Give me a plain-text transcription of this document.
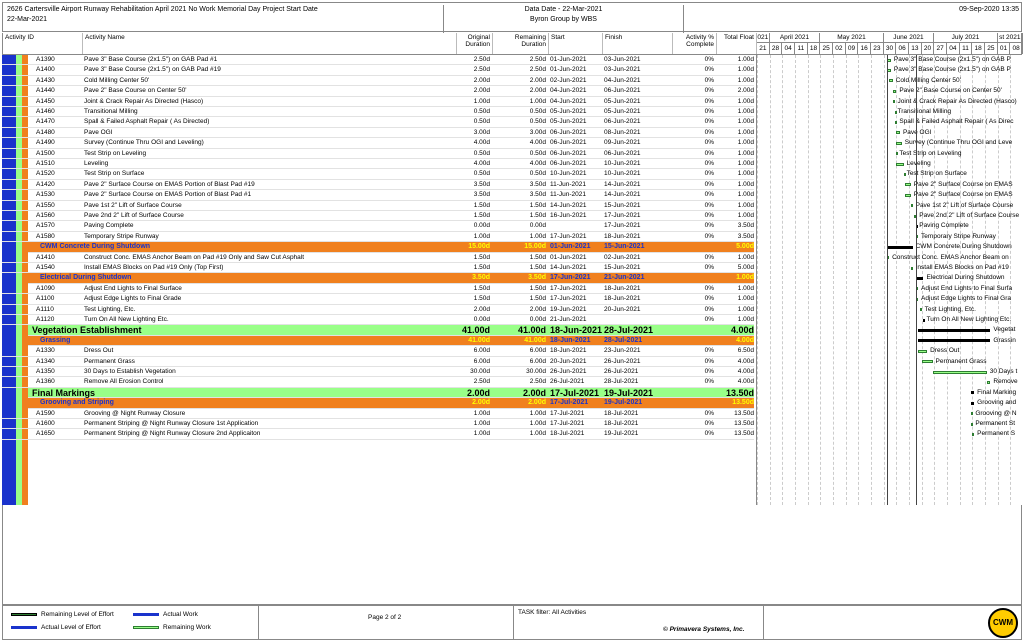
2626 Cartersville Airport Runway Rehabilitation April 2021 No Work Memorial Day Project Start Date
22-Mar-2021
Data Date - 22-Mar-2021
Byron Group by WBS
09-Sep-2020 13:35
Activity ID	Activity Name	Original Duration
Remaining Duration
Start	Finish	Activity % Complete
Total Float 021	April 2021	May 2021	June 2021	July 2021	st 2021
21 28 04 11 18 25 02 09 16 23 30 06 13 20 27 04 11 18 25 01 08
A1390	Pave 3" Base Course (2x1.5") on GAB Pad #1	2.50d	2.50d 01-Jun-2021	03-Jun-2021	0%	1.00d
A1400	Pave 3" Base Course (2x1.5") on GAB Pad #19	2.50d	2.50d 01-Jun-2021	03-Jun-2021	0%	1.00d
A1430	Cold Milling Center 50'	2.00d	2.00d 02-Jun-2021	04-Jun-2021	0%	1.00d
A1440	Pave 2" Base Course on Center 50'	2.00d	2.00d 04-Jun-2021	06-Jun-2021	0%	2.00d
A1450	Joint & Crack Repair As Directed (Hasco)	1.00d	1.00d 04-Jun-2021	05-Jun-2021	0%	1.00d
A1460	Transitional Milling	0.50d	0.50d 05-Jun-2021	05-Jun-2021	0%	1.00d
A1470	Spall & Failed Asphalt Repair ( As Directed)	0.50d	0.50d 05-Jun-2021	06-Jun-2021	0%	1.00d
A1480	Pave OGI	3.00d	3.00d 06-Jun-2021	08-Jun-2021	0%	1.00d
A1490	Survey (Continue Thru OGI and Leveling)	4.00d	4.00d 06-Jun-2021	09-Jun-2021	0%	1.00d
A1500	Test Strip on Leveling	0.50d	0.50d 06-Jun-2021	06-Jun-2021	0%	1.00d
A1510	Leveling	4.00d	4.00d 06-Jun-2021	10-Jun-2021	0%	1.00d
A1520	Test Strip on Surface	0.50d	0.50d 10-Jun-2021	10-Jun-2021	0%	1.00d
A1420	Pave 2" Surface Course on EMAS Portion of Blast Pad #19	3.50d	3.50d 11-Jun-2021	14-Jun-2021	0%	1.00d
A1530	Pave 2" Surface Course on EMAS Portion of Blast Pad #1	3.50d	3.50d 11-Jun-2021	14-Jun-2021	0%	1.00d
A1550	Pave 1st 2" Lift of Surface Course	1.50d	1.50d 14-Jun-2021	15-Jun-2021	0%	1.00d
A1560	Pave 2nd 2" Lift of Surface Course	1.50d	1.50d 16-Jun-2021	17-Jun-2021	0%	1.00d
A1570	Paving Complete	0.00d	0.00d	17-Jun-2021	0%	3.50d
A1580	Temporary Stripe Runway	1.00d	1.00d 17-Jun-2021	18-Jun-2021	0%	3.50d
CWM Concrete During Shutdown	15.00d	15.00d 01-Jun-2021	15-Jun-2021	5.00d
A1410	Construct Conc. EMAS Anchor Beam on Pad #19 Only and Saw Cut Asphalt	1.50d	1.50d 01-Jun-2021	02-Jun-2021	0%	1.00d
A1540	Install EMAS Blocks on Pad #19 Only (Top First)	1.50d	1.50d 14-Jun-2021	15-Jun-2021	0%	5.00d
Electrical During Shutdown	3.50d	3.50d 17-Jun-2021	21-Jun-2021	1.00d
A1090	Adjust End Lights to Final Surface	1.50d	1.50d 17-Jun-2021	18-Jun-2021	0%	1.00d
A1100	Adjust Edge Lights to Final Grade	1.50d	1.50d 17-Jun-2021	18-Jun-2021	0%	1.00d
A1110	Test Lighting, Etc.	2.00d	2.00d 19-Jun-2021	20-Jun-2021	0%	1.00d
A1120	Turn On All New Lighting Etc.	0.00d	0.00d 21-Jun-2021	0%	1.00d
Vegetation Establishment	41.00d	41.00d 18-Jun-2021 28-Jul-2021	4.00d
Grassing	41.00d	41.00d 18-Jun-2021	28-Jul-2021	4.00d
A1330	Dress Out	6.00d	6.00d 18-Jun-2021	23-Jun-2021	0%	6.50d
A1340	Permanent Grass	6.00d	6.00d 20-Jun-2021	26-Jun-2021	0%	4.00d
A1350	30 Days to Establish Vegetation	30.00d	30.00d 26-Jun-2021	26-Jul-2021	0%	4.00d
A1360	Remove All Erosion Control	2.50d	2.50d 26-Jul-2021	28-Jul-2021	0%	4.00d
Final Markings	2.00d	2.00d 17-Jul-2021 19-Jul-2021	13.50d
Grooving and Striping	2.00d	2.00d 17-Jul-2021	19-Jul-2021	13.50d
A1590	Grooving @ Night Runway Closure	1.00d	1.00d 17-Jul-2021	18-Jul-2021	0%	13.50d
A1600	Permanent Striping @ Night Runway Closure 1st Application	1.00d	1.00d 17-Jul-2021	18-Jul-2021	0%	13.50d
A1650	Permanent Striping @ Night Runway Closure 2nd Applicaiton	1.00d	1.00d 18-Jul-2021	19-Jul-2021	0%	13.50d
Pave 3" Base Course (2x1.5") on GAB P
Pave 3" Base Course (2x1.5") on GAB P
Cold Milling Center 50'
Pave 2" Base Course on Center 50'
Joint & Crack Repair As Directed (Hasco)
Transitional Milling
Spall & Failed Asphalt Repair ( As Direc
Pave OGI
Survey (Continue Thru OGI and Leve
Test Strip on Leveling
Leveling
Test Strip on Surface
Pave 2" Surface Course on EMAS
Pave 2" Surface Course on EMAS
Pave 1st 2" Lift of Surface Course
Pave 2nd 2" Lift of Surface Course
Paving Complete
Temporary Stripe Runway
CWM Concrete During Shutdown
Construct Conc. EMAS Anchor Beam on
Install EMAS Blocks on Pad #19
Electrical During Shutdown
Adjust End Lights to Final Surfa
Adjust Edge Lights to Final Gra
Test Lighting, Etc.
Turn On All New Lighting Etc.
Vegetat
Grassin
Dress Out
Permanent Grass
30 Days t
Remove
Final Marking
Grooving and
Grooving @ N
Permanent St
Permanent S
Remaining Level of Effort	Actual Work
Actual Level of Effort	Remaining Work
Page 2 of 2
TASK filter: All Activities
© Primavera Systems, Inc.
CWM
